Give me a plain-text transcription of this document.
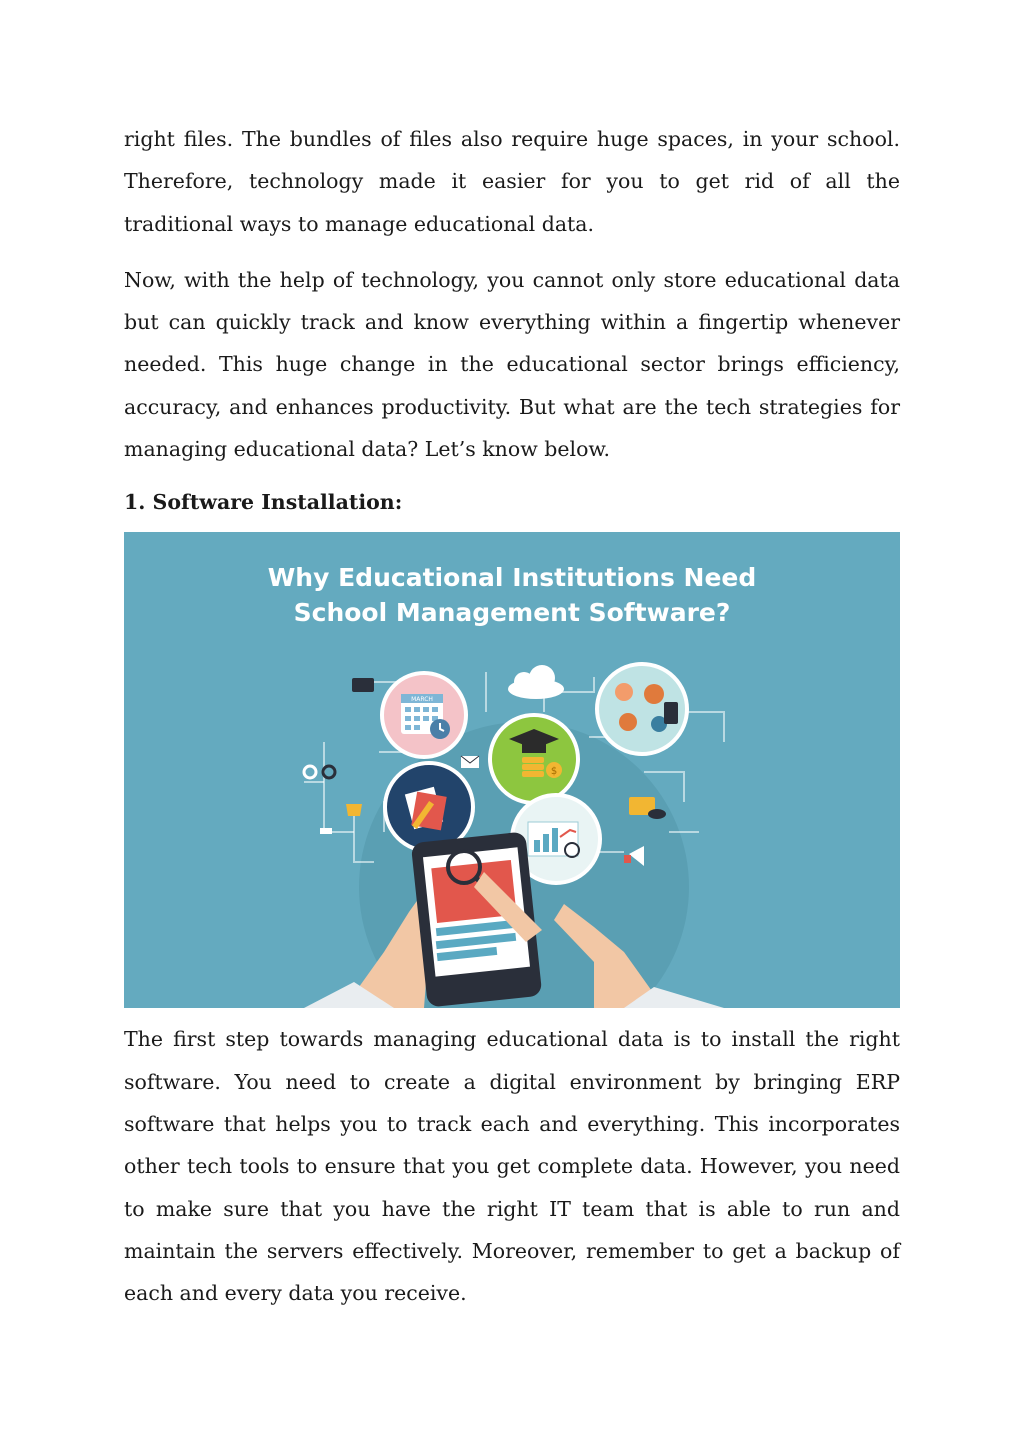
right files. The bundles of files also require huge spaces, in your school. Therefore, technology made it easier for you to get rid of all the traditional ways to manage educational data.

Now, with the help of technology, you cannot only store educational data but can quickly track and know everything within a fingertip whenever needed. This huge change in the educational sector brings efficiency, accuracy, and enhances productivity. But what are the tech strategies for managing educational data? Let’s know below.

1. Software Installation:
MARCH
$
Why Educational Institutions Need
School Management Software?

The first step towards managing educational data is to install the right software. You need to create a digital environment by bringing ERP software that helps you to track each and everything. This incorporates other tech tools to ensure that you get complete data. However, you need to make sure that you have the right IT team that is able to run and maintain the servers effectively. Moreover, remember to get a backup of each and every data you receive.
